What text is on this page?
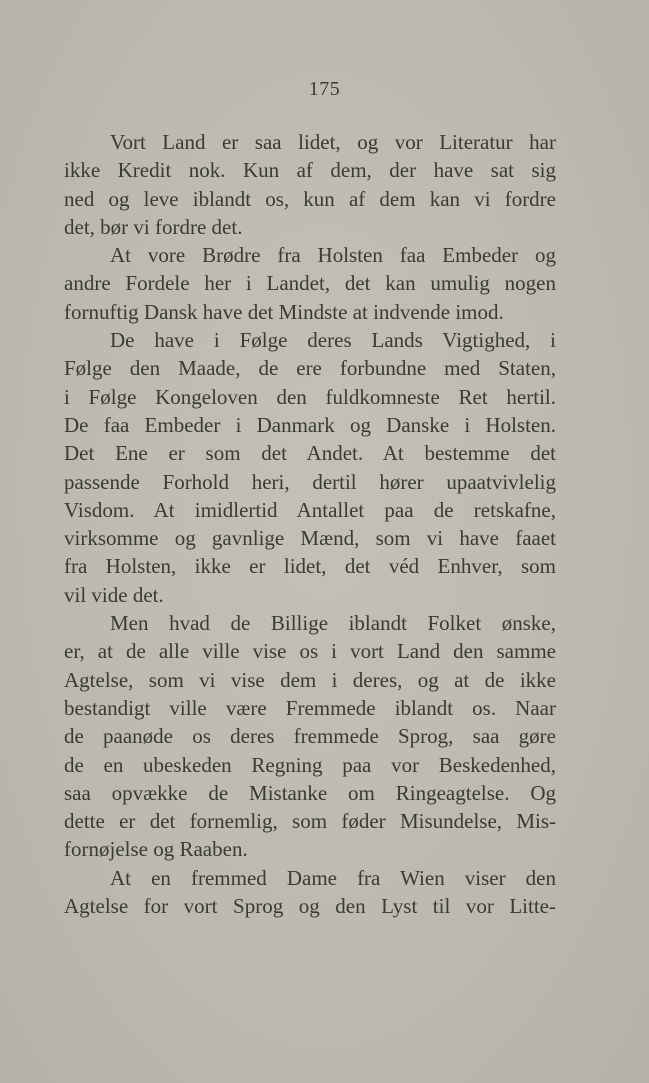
175
Vort Land er saa lidet, og vor Literatur har
ikke Kredit nok. Kun af dem, der have sat sig
ned og leve iblandt os, kun af dem kan vi fordre
det, bør vi fordre det.
At vore Brødre fra Holsten faa Embeder og
andre Fordele her i Landet, det kan umulig nogen
fornuftig Dansk have det Mindste at indvende imod.
De have i Følge deres Lands Vigtighed, i
Følge den Maade, de ere forbundne med Staten,
i Følge Kongeloven den fuldkomneste Ret hertil.
De faa Embeder i Danmark og Danske i Holsten.
Det Ene er som det Andet. At bestemme det
passende Forhold heri, dertil hører upaatvivlelig
Visdom. At imidlertid Antallet paa de retskafne,
virksomme og gavnlige Mænd, som vi have faaet
fra Holsten, ikke er lidet, det véd Enhver, som
vil vide det.
Men hvad de Billige iblandt Folket ønske,
er, at de alle ville vise os i vort Land den samme
Agtelse, som vi vise dem i deres, og at de ikke
bestandigt ville være Fremmede iblandt os. Naar
de paanøde os deres fremmede Sprog, saa gøre
de en ubeskeden Regning paa vor Beskedenhed,
saa opvække de Mistanke om Ringeagtelse. Og
dette er det fornemlig, som føder Misundelse, Mis-
fornøjelse og Raaben.
At en fremmed Dame fra Wien viser den
Agtelse for vort Sprog og den Lyst til vor Litte-
